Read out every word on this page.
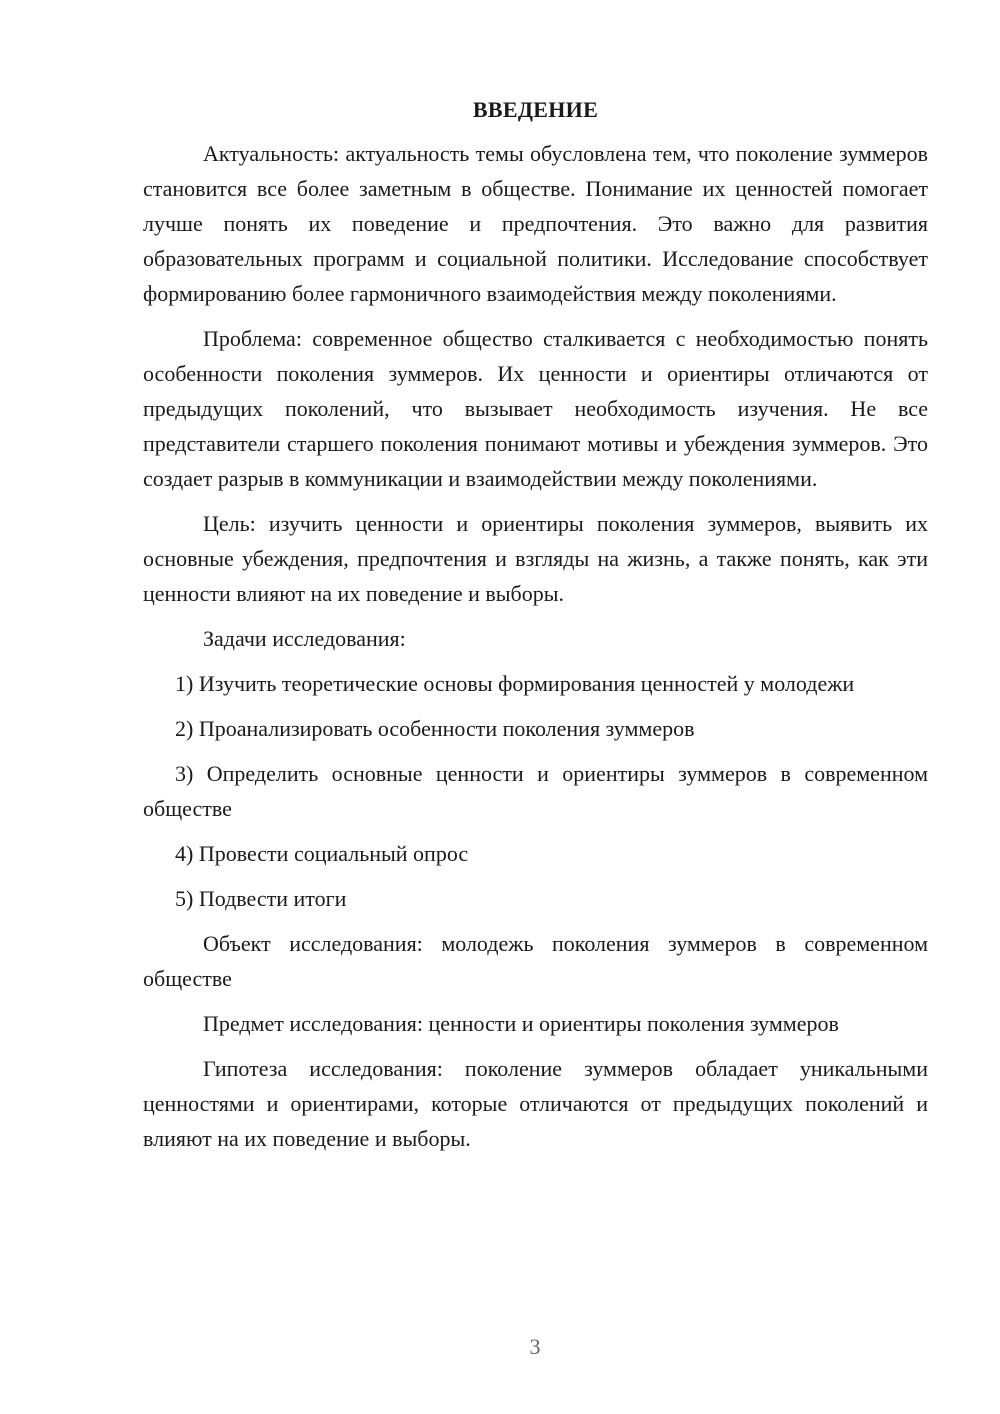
ВВЕДЕНИЕ

Актуальность: актуальность темы обусловлена тем, что поколение зуммеров становится все более заметным в обществе. Понимание их ценностей помогает лучше понять их поведение и предпочтения. Это важно для развития образовательных программ и социальной политики. Исследование способствует формированию более гармоничного взаимодействия между поколениями.

Проблема: современное общество сталкивается с необходимостью понять особенности поколения зуммеров. Их ценности и ориентиры отличаются от предыдущих поколений, что вызывает необходимость изучения. Не все представители старшего поколения понимают мотивы и убеждения зуммеров. Это создает разрыв в коммуникации и взаимодействии между поколениями.

Цель: изучить ценности и ориентиры поколения зуммеров, выявить их основные убеждения, предпочтения и взгляды на жизнь, а также понять, как эти ценности влияют на их поведение и выборы.

Задачи исследования:

1) Изучить теоретические основы формирования ценностей у молодежи

2) Проанализировать особенности поколения зуммеров

3) Определить основные ценности и ориентиры зуммеров в современном обществе

4) Провести социальный опрос

5) Подвести итоги

Объект исследования: молодежь поколения зуммеров в современном обществе

Предмет исследования: ценности и ориентиры поколения зуммеров

Гипотеза исследования: поколение зуммеров обладает уникальными ценностями и ориентирами, которые отличаются от предыдущих поколений и влияют на их поведение и выборы.

3
